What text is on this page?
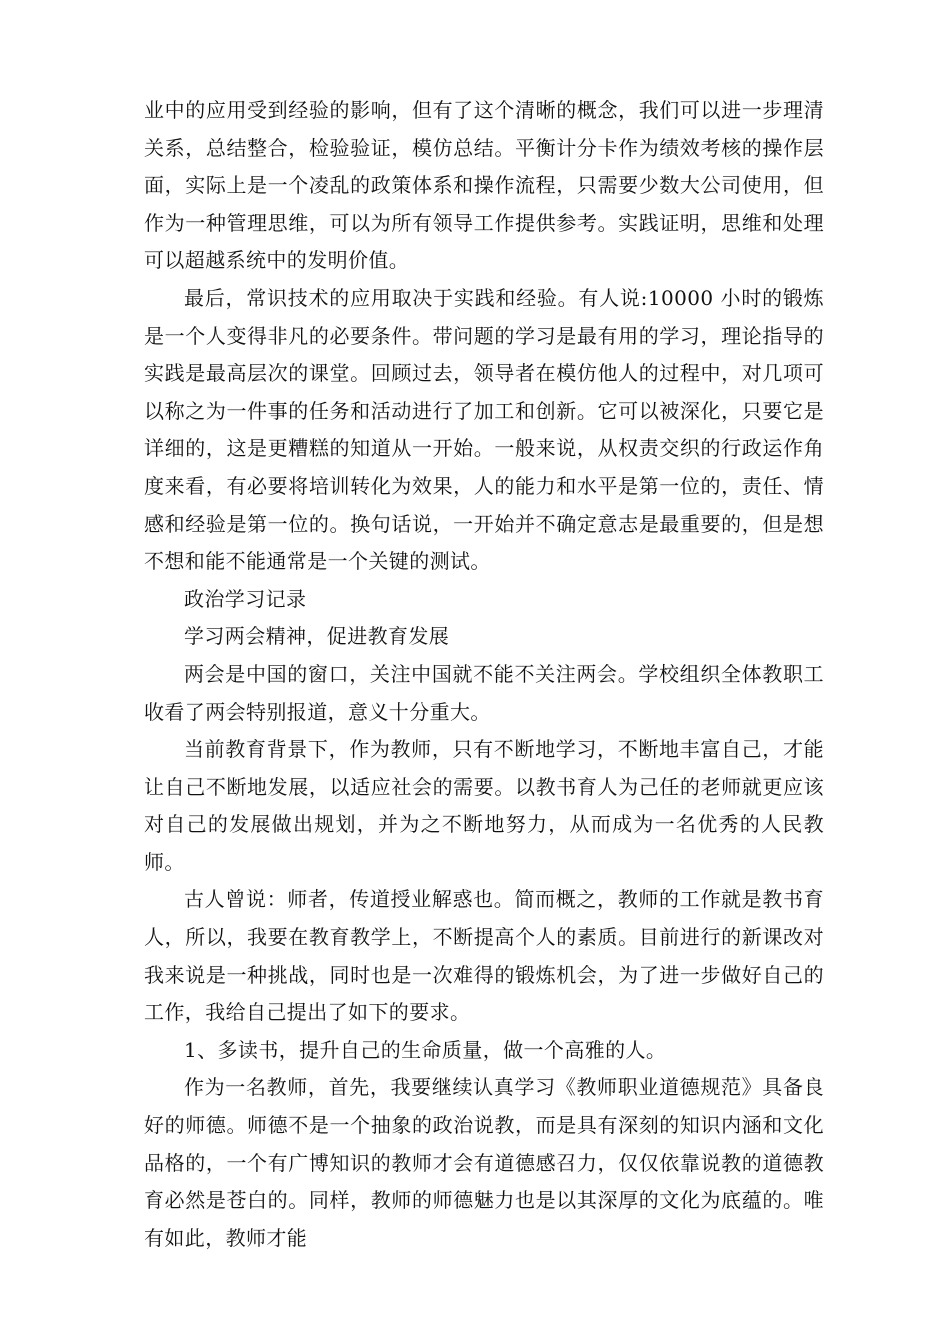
业中的应用受到经验的影响，但有了这个清晰的概念，我们可以进一步理清关系，总结整合，检验验证，模仿总结。平衡计分卡作为绩效考核的操作层面，实际上是一个凌乱的政策体系和操作流程，只需要少数大公司使用，但作为一种管理思维，可以为所有领导工作提供参考。实践证明，思维和处理可以超越系统中的发明价值。

最后，常识技术的应用取决于实践和经验。有人说:10000 小时的锻炼是一个人变得非凡的必要条件。带问题的学习是最有用的学习，理论指导的实践是最高层次的课堂。回顾过去，领导者在模仿他人的过程中，对几项可以称之为一件事的任务和活动进行了加工和创新。它可以被深化，只要它是详细的，这是更糟糕的知道从一开始。一般来说，从权责交织的行政运作角度来看，有必要将培训转化为效果，人的能力和水平是第一位的，责任、情感和经验是第一位的。换句话说，一开始并不确定意志是最重要的，但是想不想和能不能通常是一个关键的测试。

政治学习记录

学习两会精神，促进教育发展

两会是中国的窗口，关注中国就不能不关注两会。学校组织全体教职工收看了两会特别报道，意义十分重大。

当前教育背景下，作为教师，只有不断地学习，不断地丰富自己，才能让自己不断地发展，以适应社会的需要。以教书育人为己任的老师就更应该对自己的发展做出规划，并为之不断地努力，从而成为一名优秀的人民教师。

古人曾说：师者，传道授业解惑也。简而概之，教师的工作就是教书育人，所以，我要在教育教学上，不断提高个人的素质。目前进行的新课改对我来说是一种挑战，同时也是一次难得的锻炼机会，为了进一步做好自己的工作，我给自己提出了如下的要求。

1、多读书，提升自己的生命质量，做一个高雅的人。

作为一名教师，首先，我要继续认真学习《教师职业道德规范》具备良好的师德。师德不是一个抽象的政治说教，而是具有深刻的知识内涵和文化品格的，一个有广博知识的教师才会有道德感召力，仅仅依靠说教的道德教育必然是苍白的。同样，教师的师德魅力也是以其深厚的文化为底蕴的。唯有如此，教师才能
